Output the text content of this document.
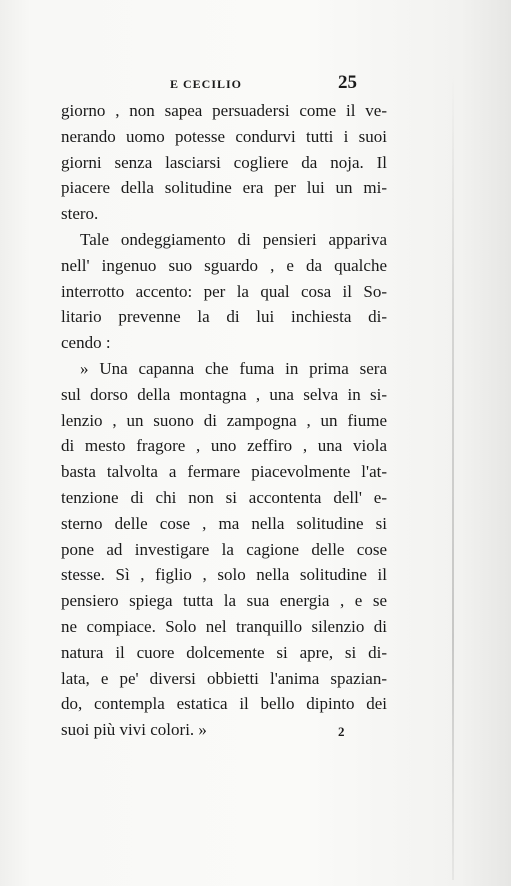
E CECILIO	25
giorno , non sapea persuadersi come il ve-
nerando uomo potesse condurvi tutti i suoi
giorni senza lasciarsi cogliere da noja. Il
piacere della solitudine era per lui un mi-
stero.
Tale ondeggiamento di pensieri appariva
nell' ingenuo suo sguardo , e da qualche
interrotto accento: per la qual cosa il So-
litario prevenne la di lui inchiesta di-
cendo :
» Una capanna che fuma in prima sera
sul dorso della montagna , una selva in si-
lenzio , un suono di zampogna , un fiume
di mesto fragore , uno zeffiro , una viola
basta talvolta a fermare piacevolmente l'at-
tenzione di chi non si accontenta dell' e-
sterno delle cose , ma nella solitudine si
pone ad investigare la cagione delle cose
stesse. Sì , figlio , solo nella solitudine il
pensiero spiega tutta la sua energia , e se
ne compiace. Solo nel tranquillo silenzio di
natura il cuore dolcemente si apre, si di-
lata, e pe' diversi obbietti l'anima spazian-
do, contempla estatica il bello dipinto dei
suoi più vivi colori. »	2
